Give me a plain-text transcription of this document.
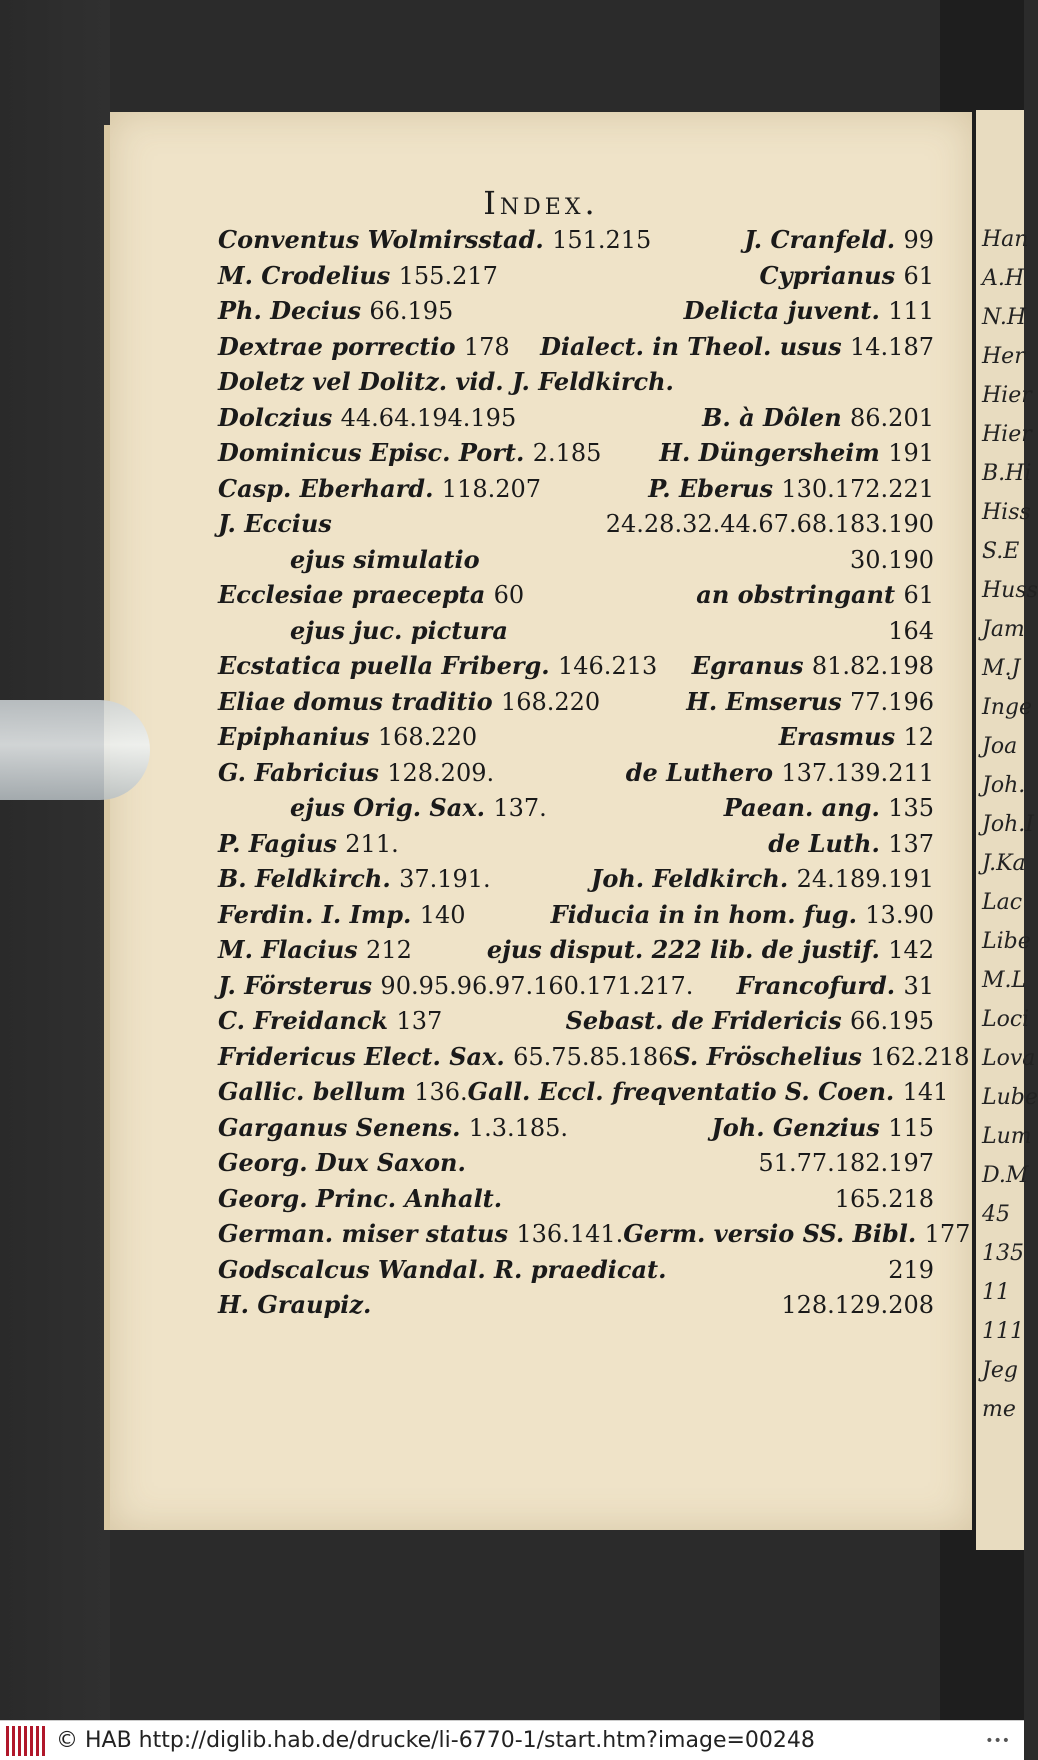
Han
A.H
N.H
Her
Hier
Hier
B.Hi
Hiss
S.E
Huss
Jam
M.J
Inge
Joa
Joh.
Joh.I
J.Ka
Lac
Libe
M.L
Loci
Lova
Lube
Lum
D.M
45
135
11
111
Jeg
me
Index.
Conventus Wolmirsstad. 151.215	J. Cranfeld. 99
M. Crodelius 155.217	Cyprianus 61
Ph. Decius 66.195	Delicta juvent. 111
Dextrae porrectio 178 Dialect. in Theol. usus 14.187
Doletz vel Dolitz. vid. J. Feldkirch.
Dolczius 44.64.194.195	B. à Dôlen 86.201
Dominicus Episc. Port. 2.185 H. Düngersheim 191
Casp. Eberhard. 118.207	P. Eberus 130.172.221
J. Eccius	24.28.32.44.67.68.183.190
ejus simulatio	30.190
Ecclesiae praecepta 60	an obstringant 61
ejus juc. pictura	164
Ecstatica puella Friberg. 146.213 Egranus 81.82.198
Eliae domus traditio 168.220	H. Emserus 77.196
Epiphanius 168.220	Erasmus 12
G. Fabricius 128.209.	de Luthero 137.139.211
ejus Orig. Sax. 137.	Paean. ang. 135
P. Fagius 211.	de Luth. 137
B. Feldkirch. 37.191.	Joh. Feldkirch. 24.189.191
Ferdin. I. Imp. 140	Fiducia in in hom. fug. 13.90
M. Flacius 212	ejus disput. 222 lib. de justif. 142
J. Försterus 90.95.96.97.160.171.217. Francofurd. 31
C. Freidanck 137	Sebast. de Fridericis 66.195
Fridericus Elect. Sax. 65.75.85.186 S. Fröschelius 162.218
Gallic. bellum 136. Gall. Eccl. freqventatio S. Coen. 141
Garganus Senens. 1.3.185.	Joh. Genzius 115
Georg. Dux Saxon.	51.77.182.197
Georg. Princ. Anhalt.	165.218
German. miser status 136.141. Germ. versio SS. Bibl. 177
Godscalcus Wandal. R. praedicat.	219
H. Graupiz.	128.129.208
© HAB http://diglib.hab.de/drucke/li-6770-1/start.htm?image=00248	•••
